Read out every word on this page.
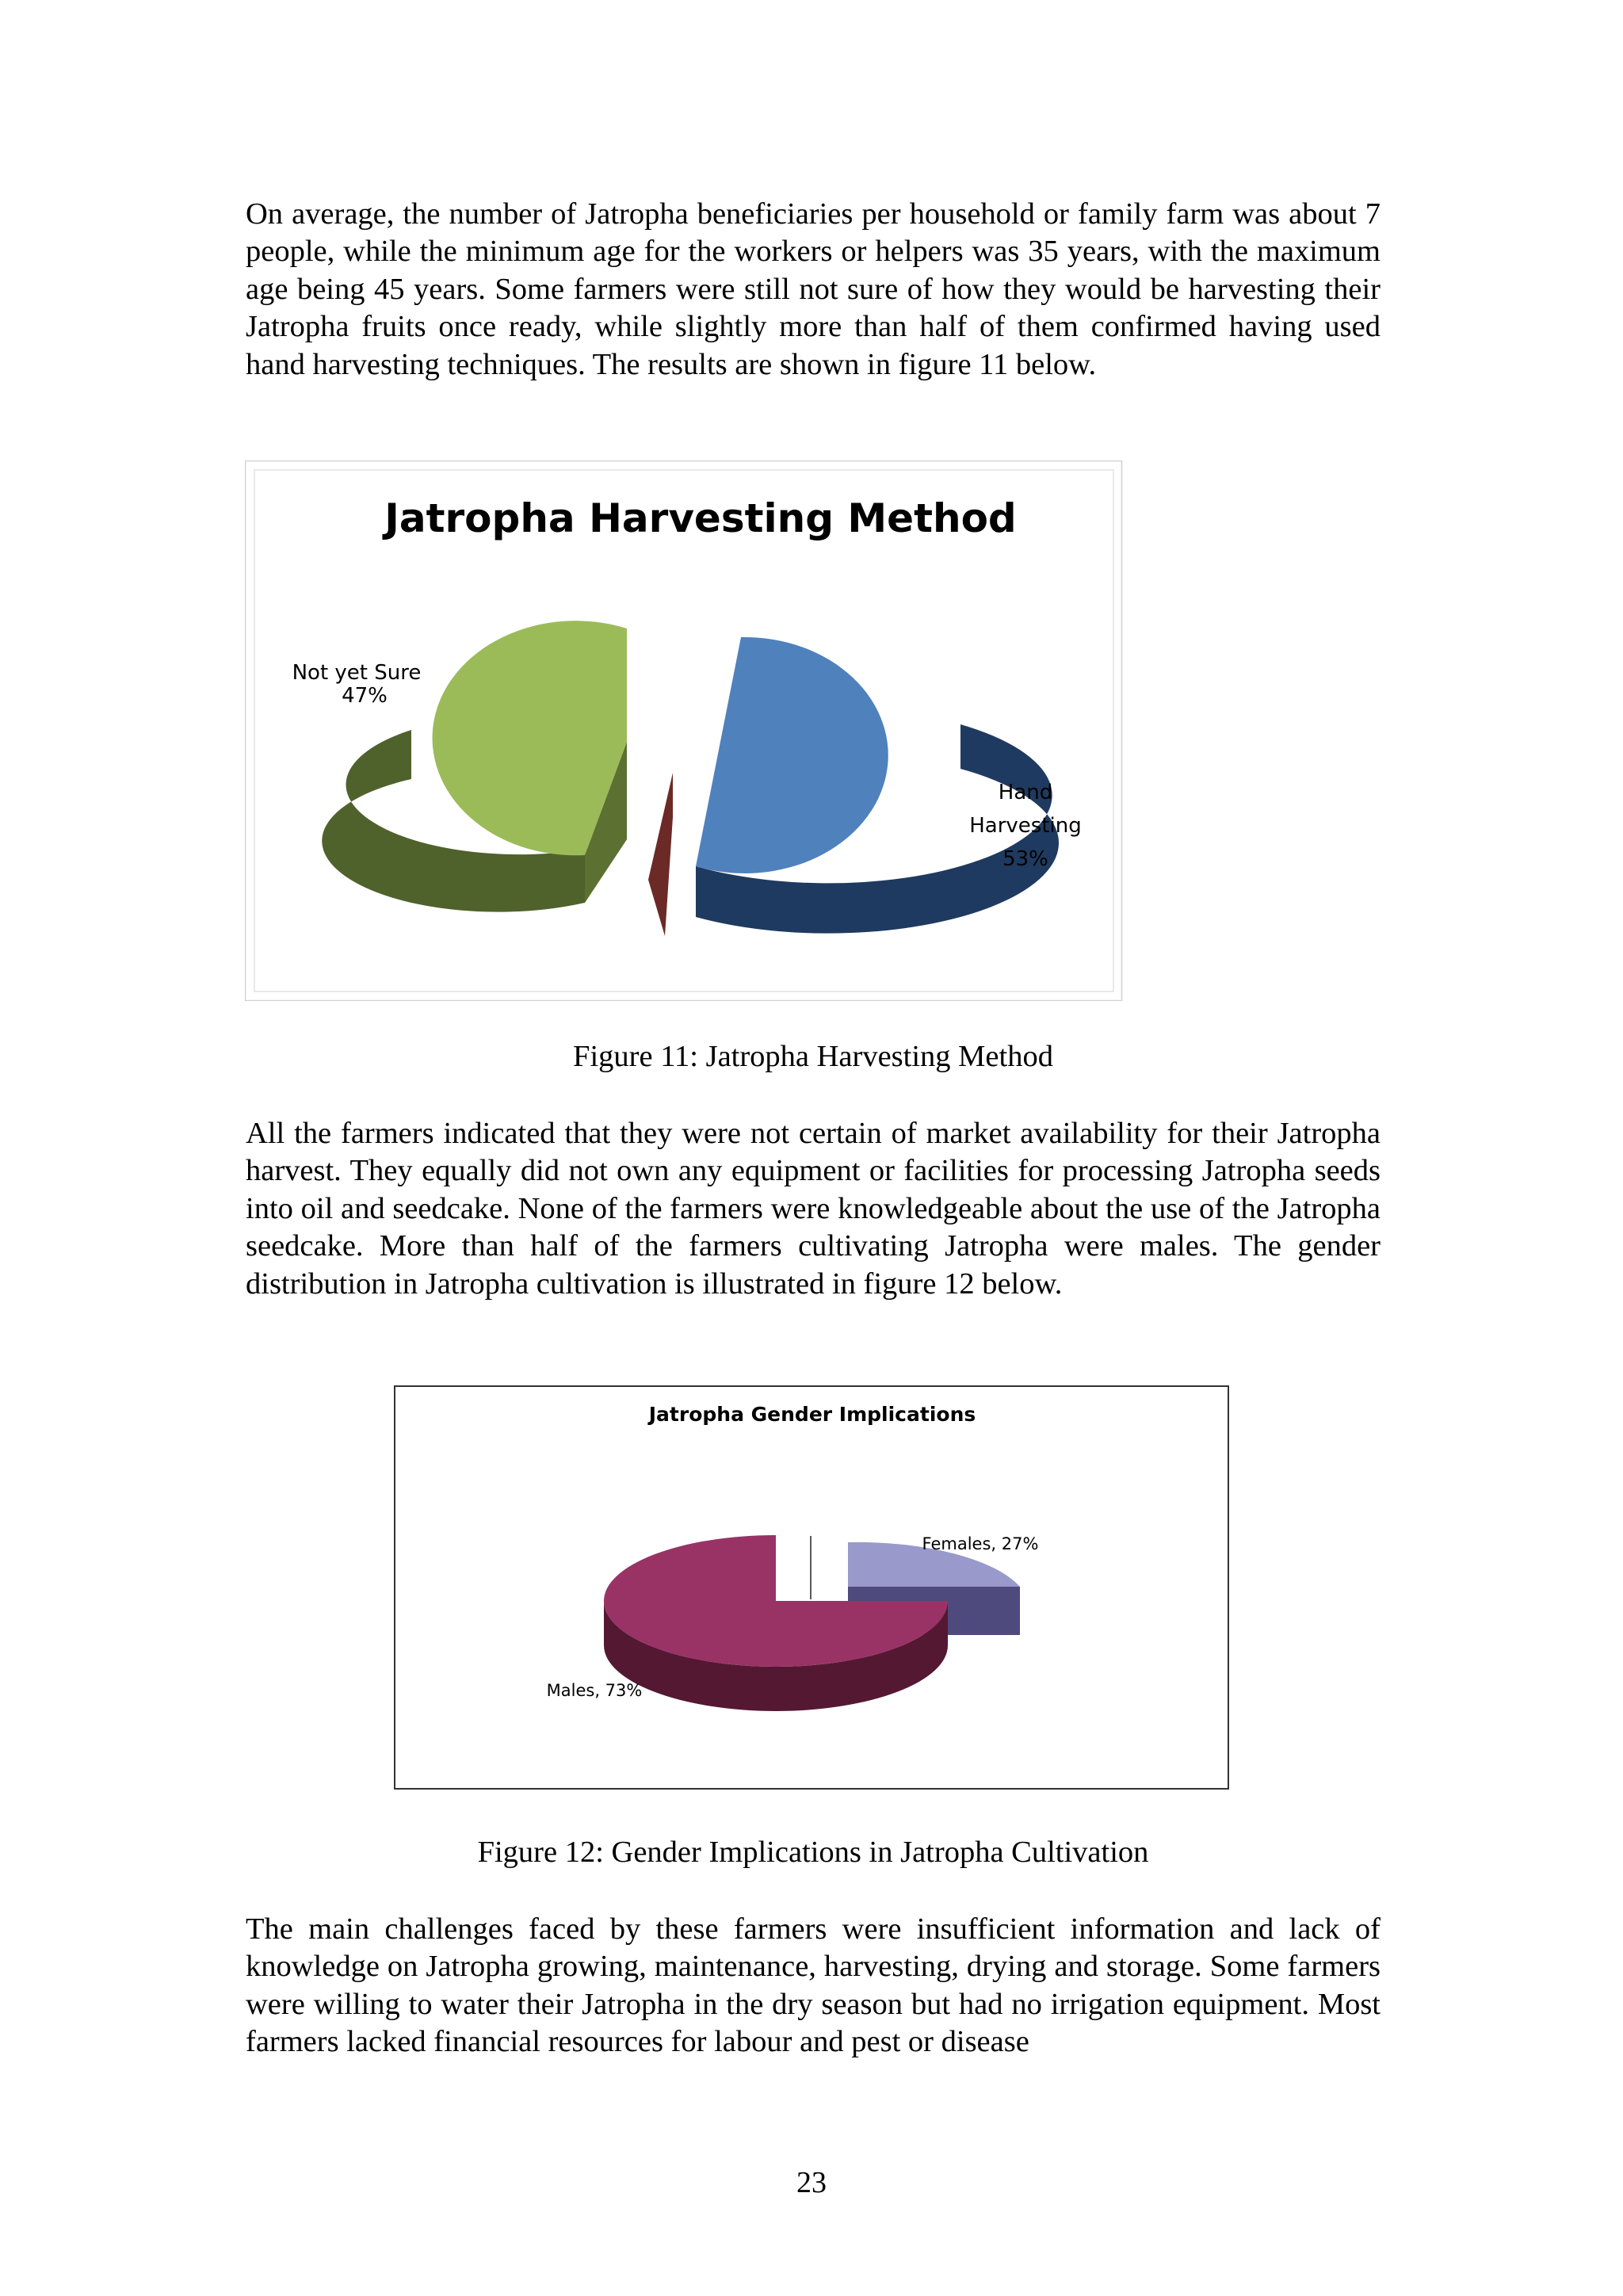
On average, the number of Jatropha beneficiaries per household or family farm was about 7 people, while the minimum age for the workers or helpers was 35 years, with the maximum age being 45 years. Some farmers were still not sure of how they would be harvesting their Jatropha fruits once ready, while slightly more than half of them confirmed having used hand harvesting techniques. The results are shown in figure 11 below.

Jatropha Harvesting Method
Not yet Sure
47%
Hand
Harvesting
53%

Figure 11: Jatropha Harvesting Method

All the farmers indicated that they were not certain of market availability for their Jatropha harvest. They equally did not own any equipment or facilities for processing Jatropha seeds into oil and seedcake. None of the farmers were knowledgeable about the use of the Jatropha seedcake. More than half of the farmers cultivating Jatropha were males. The gender distribution in Jatropha cultivation is illustrated in figure 12 below.

Jatropha Gender Implications
Females, 27%
Males, 73%

Figure 12: Gender Implications in Jatropha Cultivation

The main challenges faced by these farmers were insufficient information and lack of knowledge on Jatropha growing, maintenance, harvesting, drying and storage. Some farmers were willing to water their Jatropha in the dry season but had no irrigation equipment. Most farmers lacked financial resources for labour and pest or disease

23
